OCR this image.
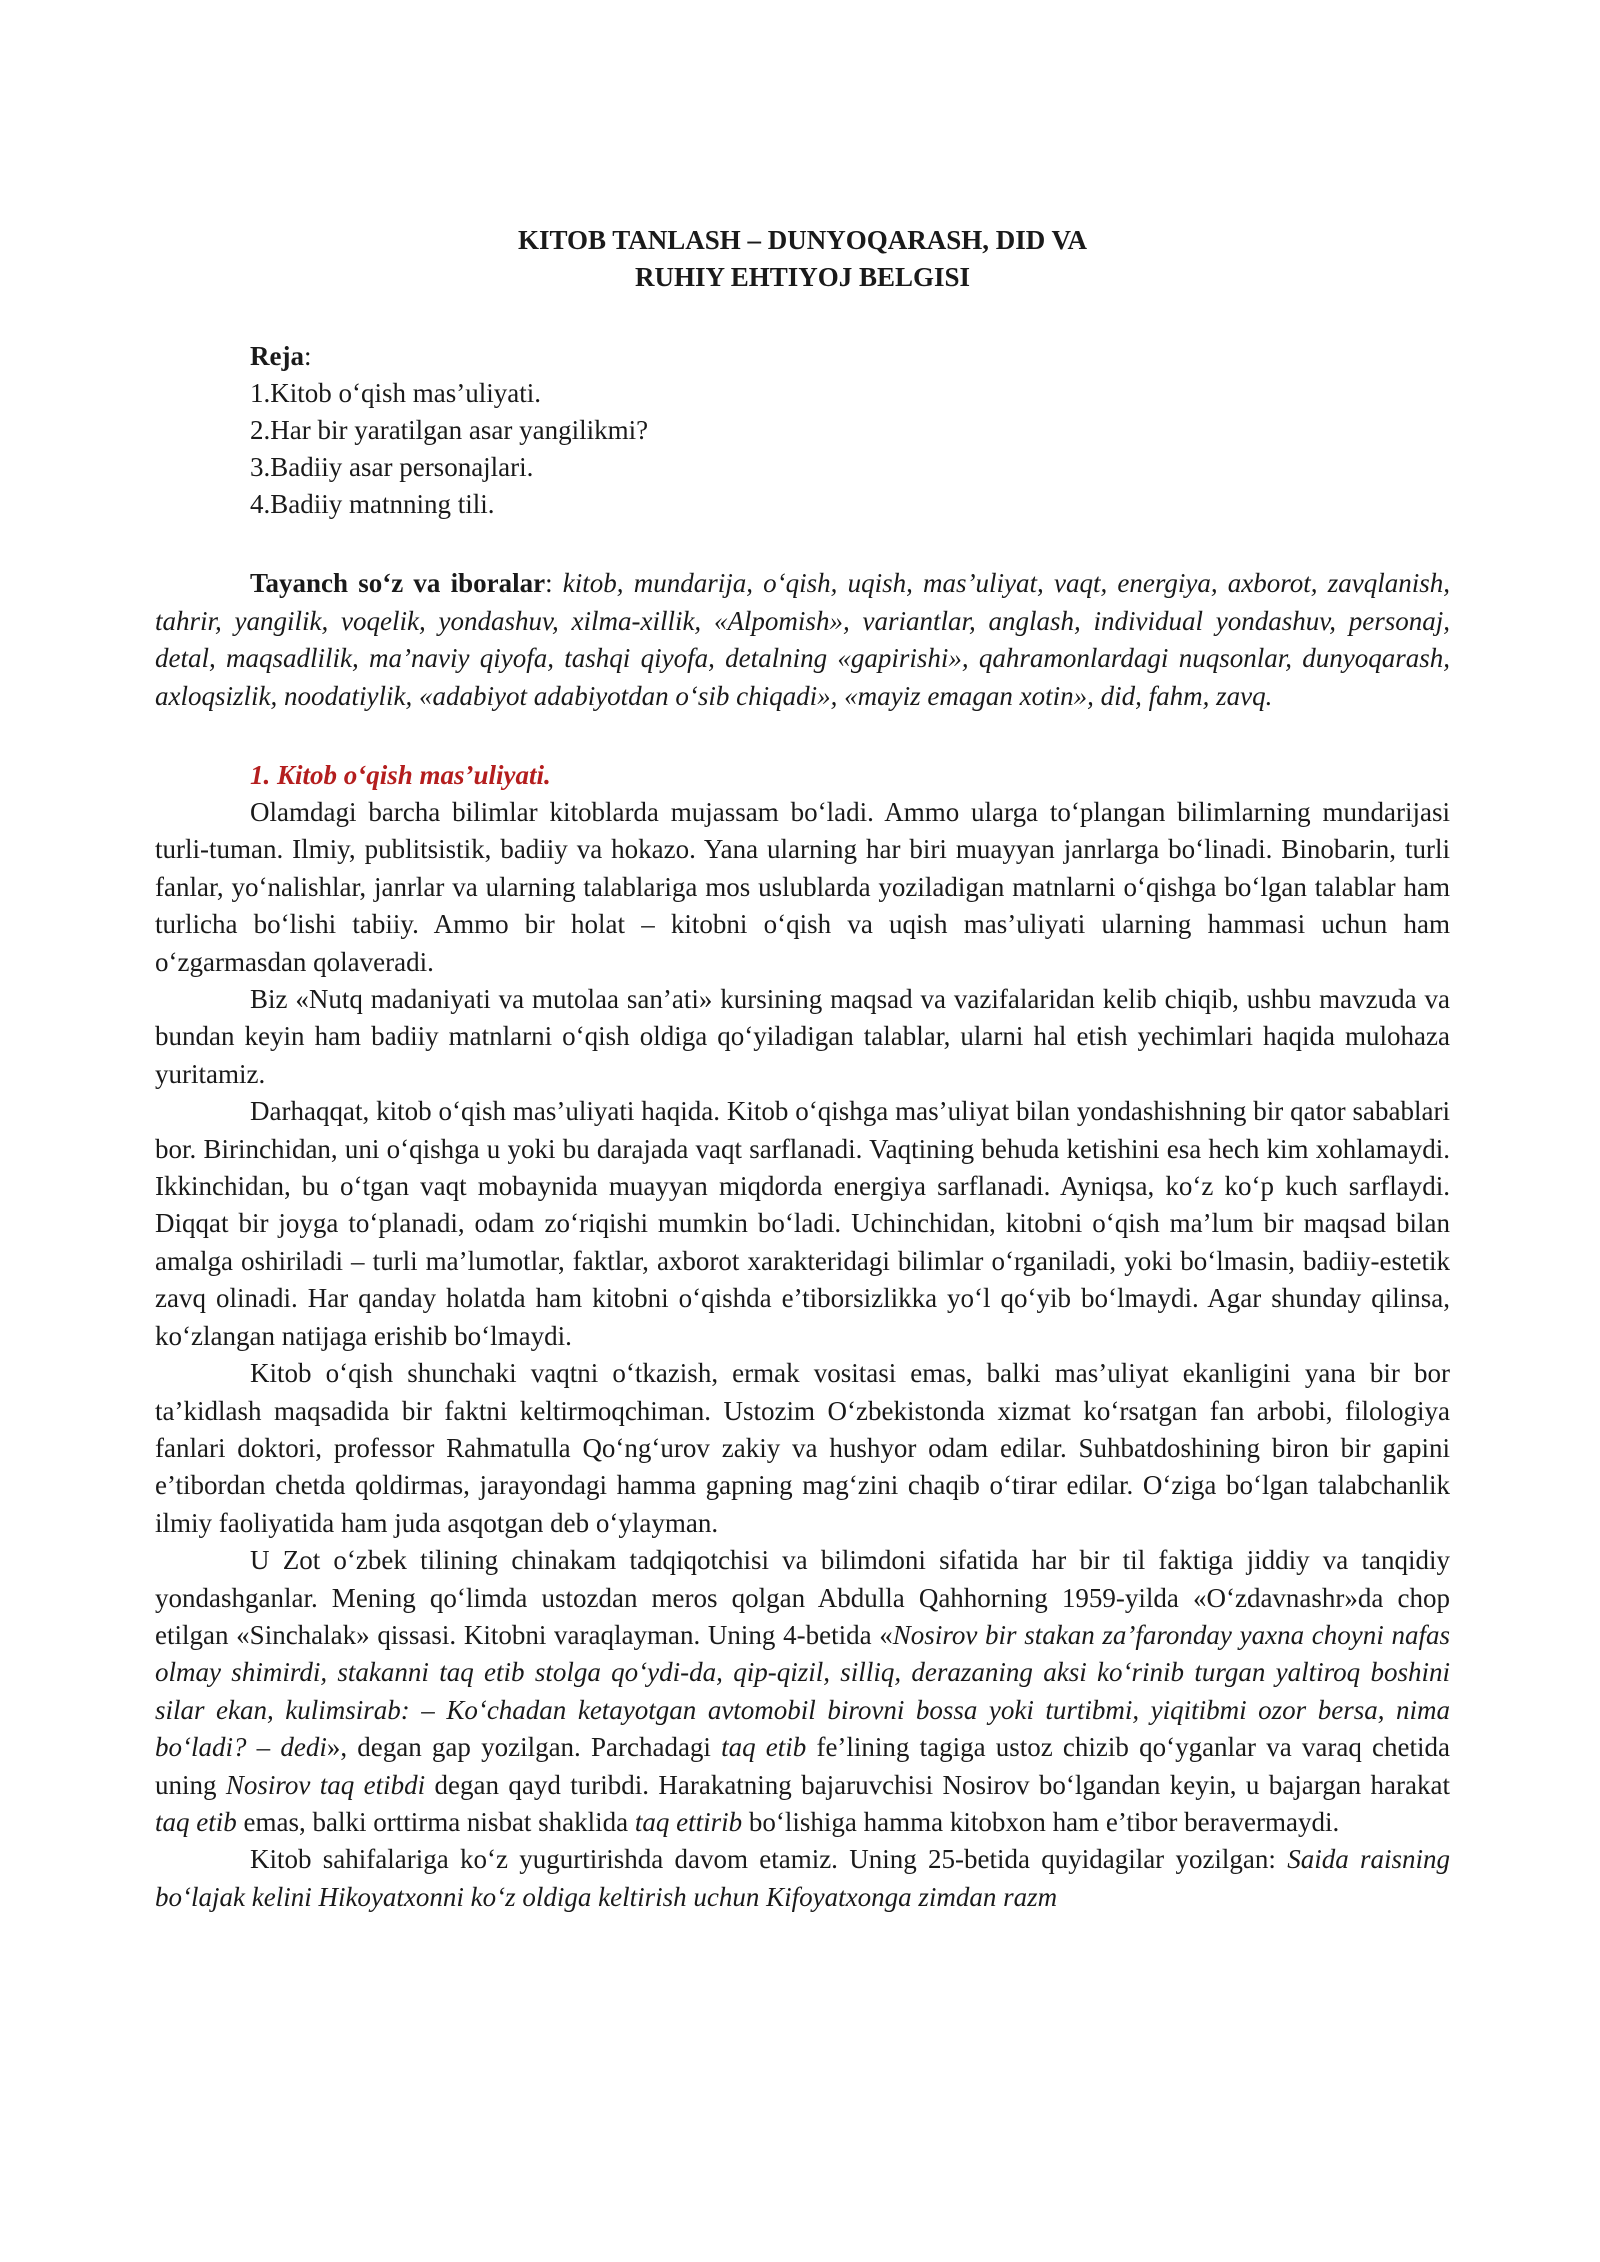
KITOB TANLASH – DUNYOQARASH, DID VA
RUHIY EHTIYOJ BELGISI
Reja:
1.Kitob o‘qish mas’uliyati.
2.Har bir yaratilgan asar yangilikmi?
3.Badiiy asar personajlari.
4.Badiiy matnning tili.

Tayanch so‘z va iboralar: kitob, mundarija, o‘qish, uqish, mas’uliyat, vaqt, energiya, axborot, zavqlanish, tahrir, yangilik, voqelik, yondashuv, xilma-xillik, «Alpomish», variantlar, anglash, individual yondashuv, personaj, detal, maqsadlilik, ma’naviy qiyofa, tashqi qiyofa, detalning «gapirishi», qahramonlardagi nuqsonlar, dunyoqarash, axloqsizlik, noodatiylik, «adabiyot adabiyotdan o‘sib chiqadi», «mayiz emagan xotin», did, fahm, zavq.

1. Kitob o‘qish mas’uliyati.

Olamdagi barcha bilimlar kitoblarda mujassam bo‘ladi. Ammo ularga to‘plangan bilimlarning mundarijasi turli-tuman. Ilmiy, publitsistik, badiiy va hokazo. Yana ularning har biri muayyan janrlarga bo‘linadi. Binobarin, turli fanlar, yo‘nalishlar, janrlar va ularning talablariga mos uslublarda yoziladigan matnlarni o‘qishga bo‘lgan talablar ham turlicha bo‘lishi tabiiy. Ammo bir holat – kitobni o‘qish va uqish mas’uliyati ularning hammasi uchun ham o‘zgarmasdan qolaveradi.

Biz «Nutq madaniyati va mutolaa san’ati» kursining maqsad va vazifalaridan kelib chiqib, ushbu mavzuda va bundan keyin ham badiiy matnlarni o‘qish oldiga qo‘yiladigan talablar, ularni hal etish yechimlari haqida mulohaza yuritamiz.

Darhaqqat, kitob o‘qish mas’uliyati haqida. Kitob o‘qishga mas’uliyat bilan yondashishning bir qator sabablari bor. Birinchidan, uni o‘qishga u yoki bu darajada vaqt sarflanadi. Vaqtining behuda ketishini esa hech kim xohlamaydi. Ikkinchidan, bu o‘tgan vaqt mobaynida muayyan miqdorda energiya sarflanadi. Ayniqsa, ko‘z ko‘p kuch sarflaydi. Diqqat bir joyga to‘planadi, odam zo‘riqishi mumkin bo‘ladi. Uchinchidan, kitobni o‘qish ma’lum bir maqsad bilan amalga oshiriladi – turli ma’lumotlar, faktlar, axborot xarakteridagi bilimlar o‘rganiladi, yoki bo‘lmasin, badiiy-estetik zavq olinadi. Har qanday holatda ham kitobni o‘qishda e’tiborsizlikka yo‘l qo‘yib bo‘lmaydi. Agar shunday qilinsa, ko‘zlangan natijaga erishib bo‘lmaydi.

Kitob o‘qish shunchaki vaqtni o‘tkazish, ermak vositasi emas, balki mas’uliyat ekanligini yana bir bor ta’kidlash maqsadida bir faktni keltirmoqchiman. Ustozim O‘zbekistonda xizmat ko‘rsatgan fan arbobi, filologiya fanlari doktori, professor Rahmatulla Qo‘ng‘urov zakiy va hushyor odam edilar. Suhbatdoshining biron bir gapini e’tibordan chetda qoldirmas, jarayondagi hamma gapning mag‘zini chaqib o‘tirar edilar. O‘ziga bo‘lgan talabchanlik ilmiy faoliyatida ham juda asqotgan deb o‘ylayman.

U Zot o‘zbek tilining chinakam tadqiqotchisi va bilimdoni sifatida har bir til faktiga jiddiy va tanqidiy yondashganlar. Mening qo‘limda ustozdan meros qolgan Abdulla Qahhorning 1959-yilda «O‘zdavnashr»da chop etilgan «Sinchalak» qissasi. Kitobni varaqlayman. Uning 4-betida «Nosirov bir stakan za’faronday yaxna choyni nafas olmay shimirdi, stakanni taq etib stolga qo‘ydi-da, qip-qizil, silliq, derazaning aksi ko‘rinib turgan yaltiroq boshini silar ekan, kulimsirab: – Ko‘chadan ketayotgan avtomobil birovni bossa yoki turtibmi, yiqitibmi ozor bersa, nima bo‘ladi? – dedi», degan gap yozilgan. Parchadagi taq etib fe’lining tagiga ustoz chizib qo‘yganlar va varaq chetida uning Nosirov taq etibdi degan qayd turibdi. Harakatning bajaruvchisi Nosirov bo‘lgandan keyin, u bajargan harakat taq etib emas, balki orttirma nisbat shaklida taq ettirib bo‘lishiga hamma kitobxon ham e’tibor beravermaydi.

Kitob sahifalariga ko‘z yugurtirishda davom etamiz. Uning 25-betida quyidagilar yozilgan: Saida raisning bo‘lajak kelini Hikoyatxonni ko‘z oldiga keltirish uchun Kifoyatxonga zimdan razm
